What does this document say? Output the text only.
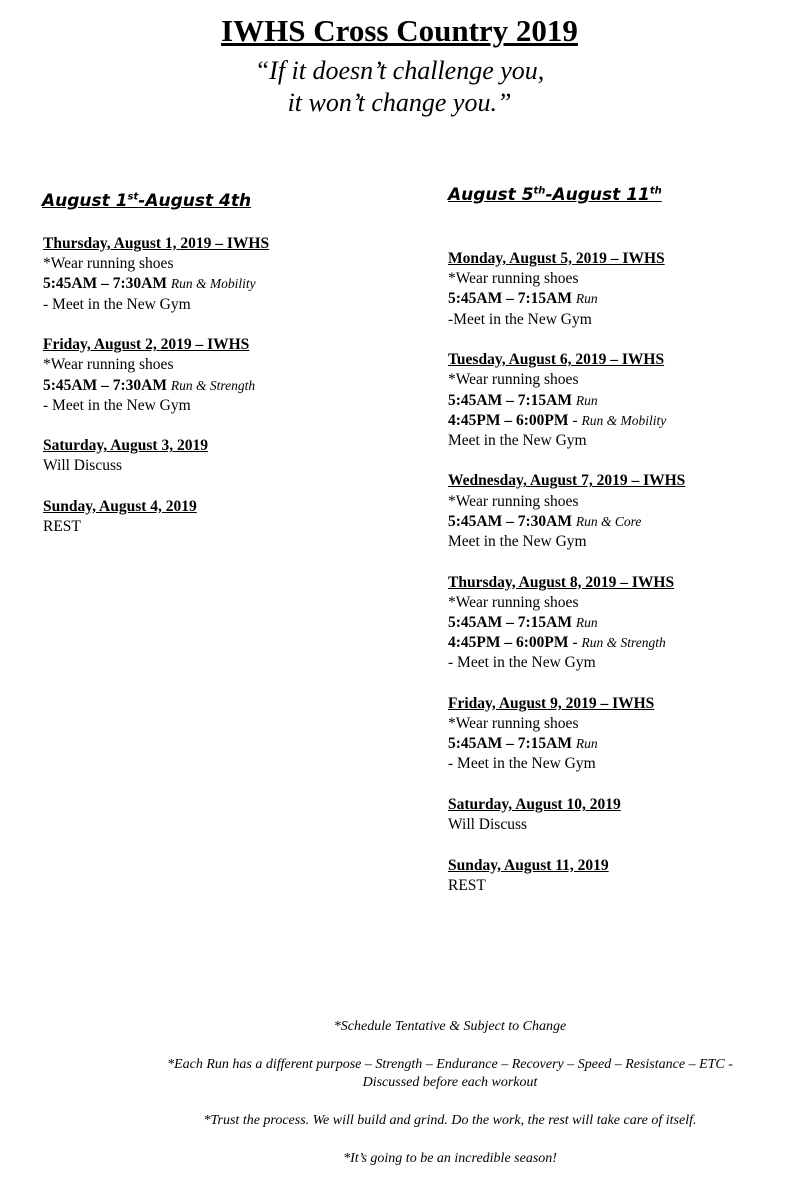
IWHS Cross Country 2019
“If it doesn’t challenge you,
it won’t change you.”
August 1st-August 4th	August 5th-August 11th
Thursday, August 1, 2019 – IWHS
*Wear running shoes
5:45AM – 7:30AM Run & Mobility
- Meet in the New Gym
Friday, August 2, 2019 – IWHS
*Wear running shoes
5:45AM – 7:30AM Run & Strength
- Meet in the New Gym
Saturday, August 3, 2019
Will Discuss
Sunday, August 4, 2019
REST
Monday, August 5, 2019 – IWHS
*Wear running shoes
5:45AM – 7:15AM Run
-Meet in the New Gym
Tuesday, August 6, 2019 – IWHS
*Wear running shoes
5:45AM – 7:15AM Run
4:45PM – 6:00PM - Run & Mobility
Meet in the New Gym
Wednesday, August 7, 2019 – IWHS
*Wear running shoes
5:45AM – 7:30AM Run & Core
Meet in the New Gym
Thursday, August 8, 2019 – IWHS
*Wear running shoes
5:45AM – 7:15AM Run
4:45PM – 6:00PM - Run & Strength
- Meet in the New Gym
Friday, August 9, 2019 – IWHS
*Wear running shoes
5:45AM – 7:15AM Run
- Meet in the New Gym
Saturday, August 10, 2019
Will Discuss
Sunday, August 11, 2019
REST

*Schedule Tentative & Subject to Change

*Each Run has a different purpose – Strength – Endurance – Recovery – Speed – Resistance – ETC -
Discussed before each workout

*Trust the process. We will build and grind. Do the work, the rest will take care of itself.

*It’s going to be an incredible season!
